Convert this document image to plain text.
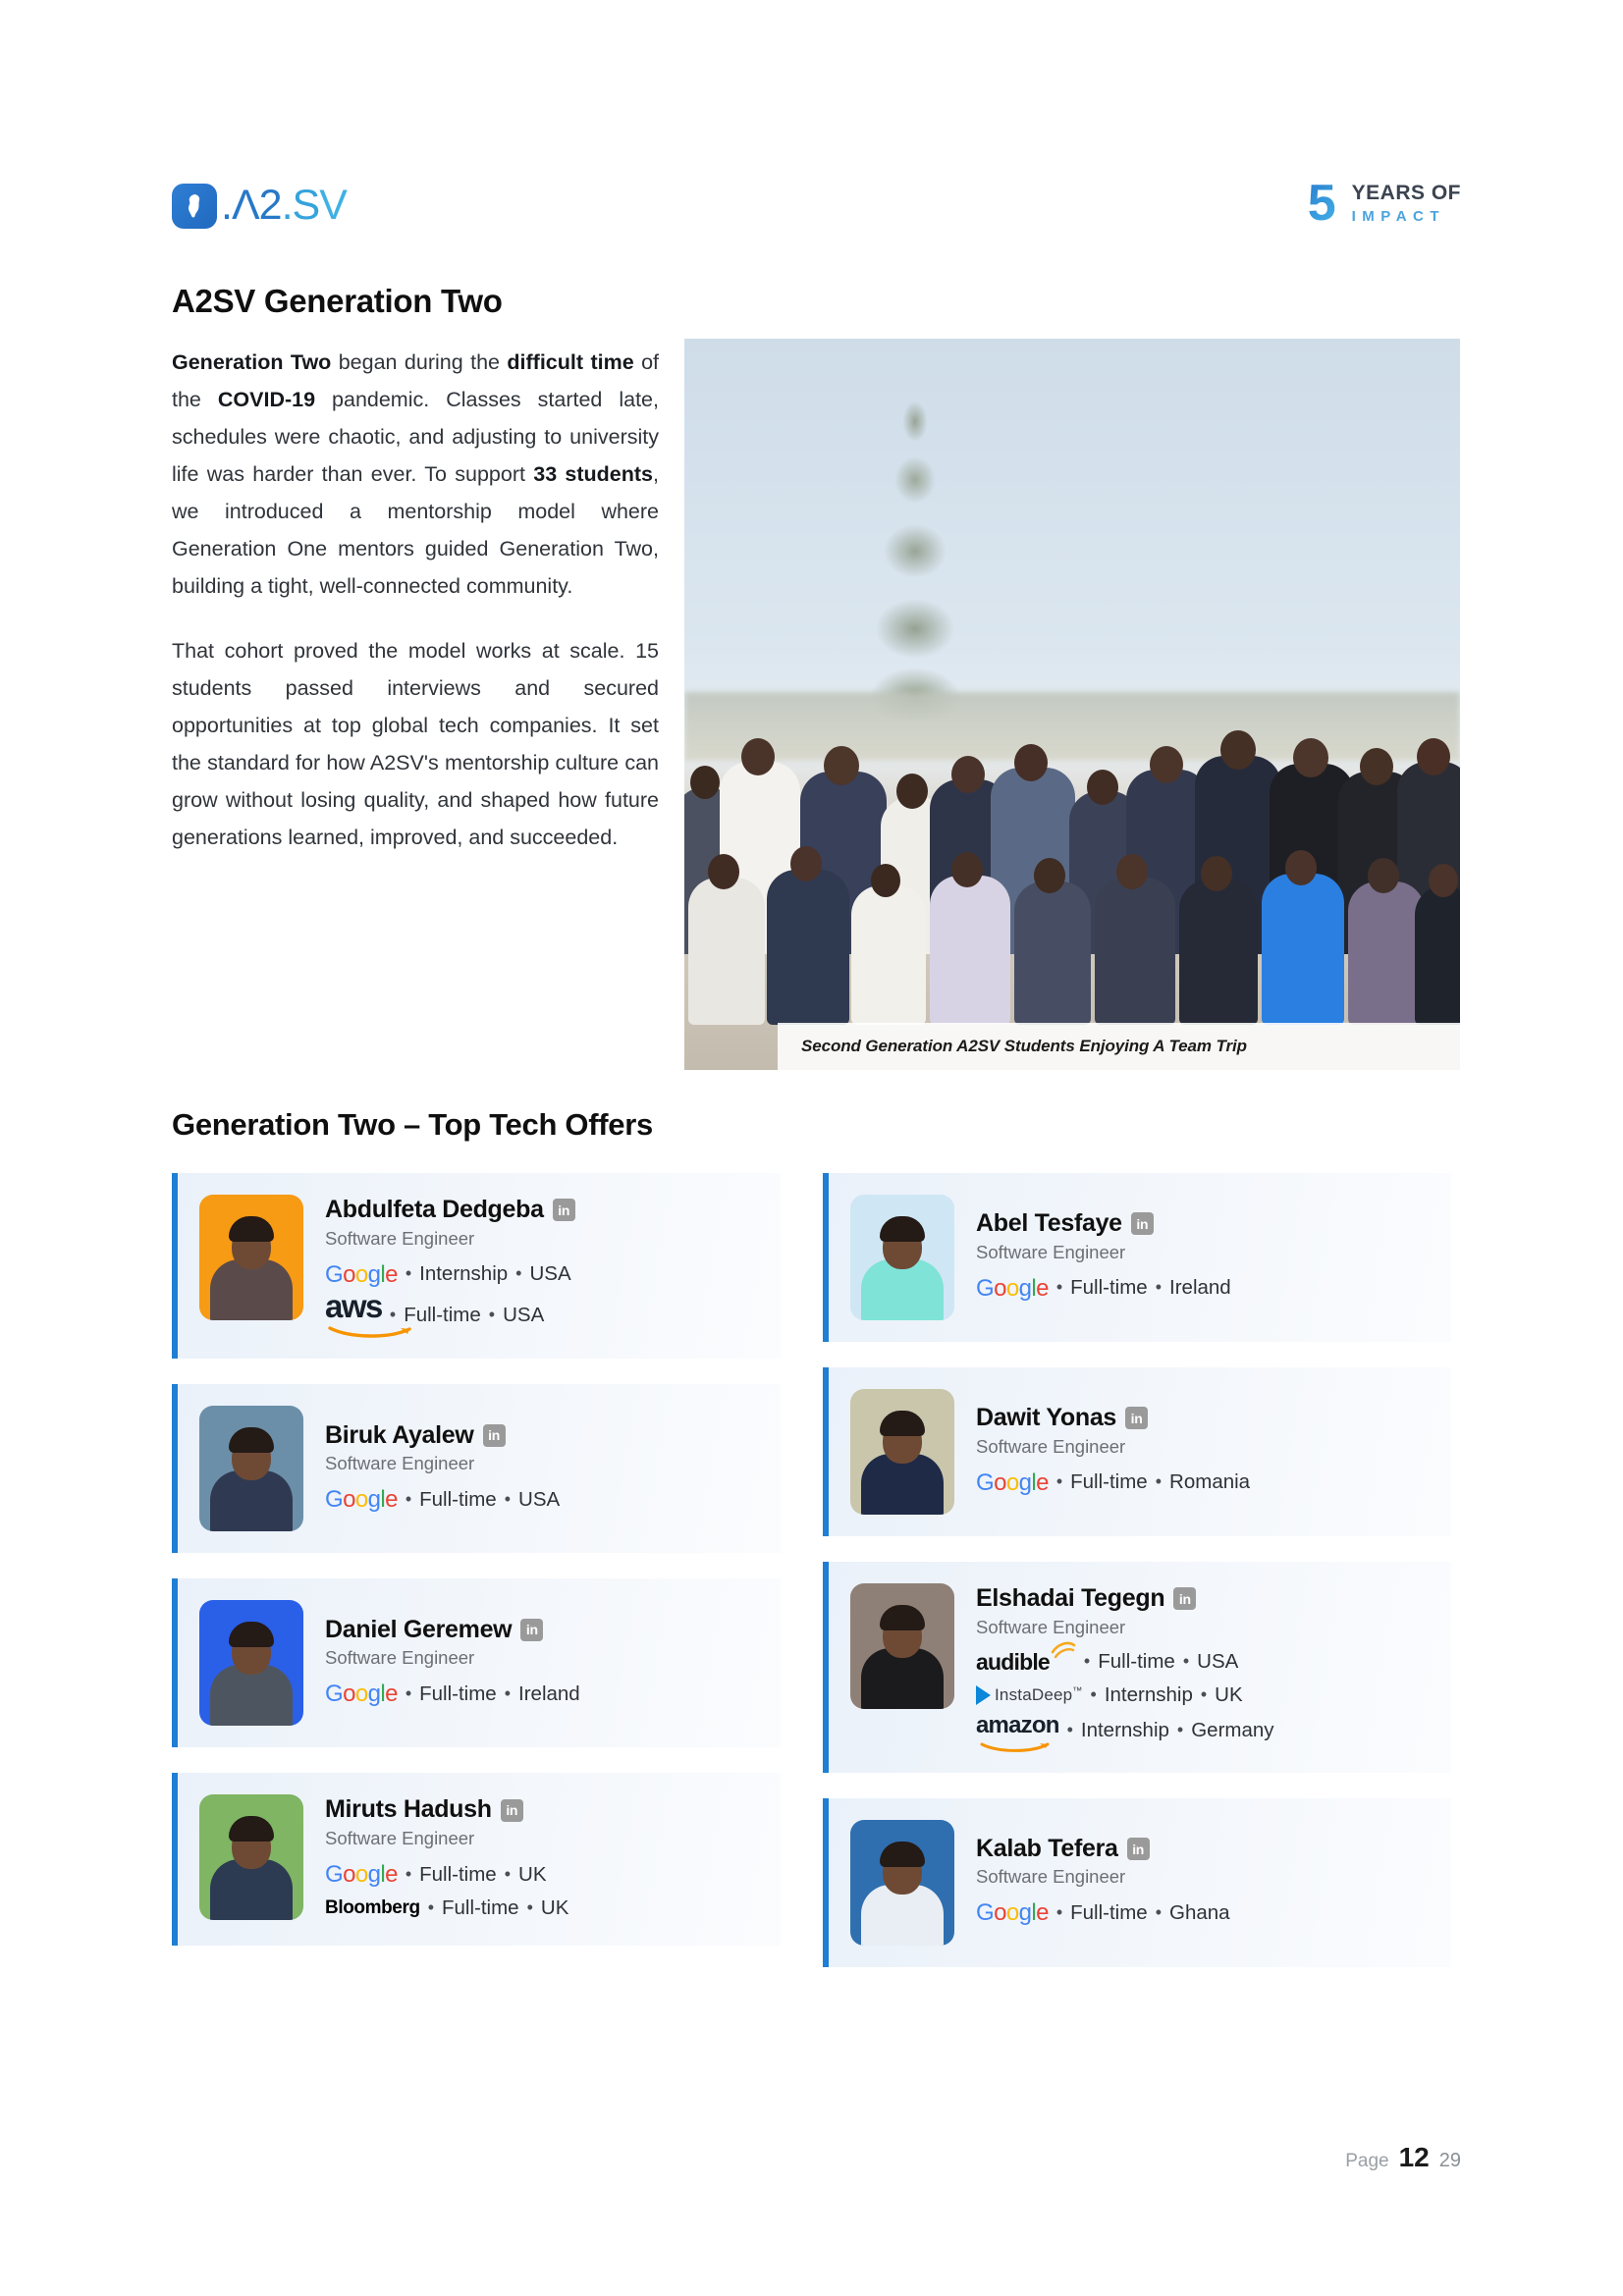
.Λ2.SV	5 YEARS OF
IMPACT
A2SV Generation Two

Generation Two began during the difficult time of the COVID-19 pandemic. Classes started late, schedules were chaotic, and adjusting to university life was harder than ever. To support 33 students, we introduced a mentorship model where Generation One mentors guided Generation Two, building a tight, well-connected community.

That cohort proved the model works at scale. 15 students passed interviews and secured opportunities at top global tech companies. It set the standard for how A2SV's mentorship culture can grow without losing quality, and shaped how future generations learned, improved, and succeeded.

Second Generation A2SV Students Enjoying A Team Trip
Generation Two – Top Tech Offers
Abdulfeta Dedgeba	in
Software Engineer
Google • Internship • USA
aws • Full-time • USA
Biruk Ayalew	in
Software Engineer
Google • Full-time • USA
Daniel Geremew	in
Software Engineer
Google • Full-time • Ireland
Miruts Hadush	in
Software Engineer
Google • Full-time • UK
Bloomberg • Full-time • UK
Abel Tesfaye	in
Software Engineer
Google • Full-time • Ireland
Dawit Yonas	in
Software Engineer
Google • Full-time • Romania
Elshadai Tegegn	in
Software Engineer
audible • Full-time • USA
InstaDeep™ • Internship • UK
amazon • Internship • Germany
Kalab Tefera	in
Software Engineer
Google • Full-time • Ghana
Page 12 29
